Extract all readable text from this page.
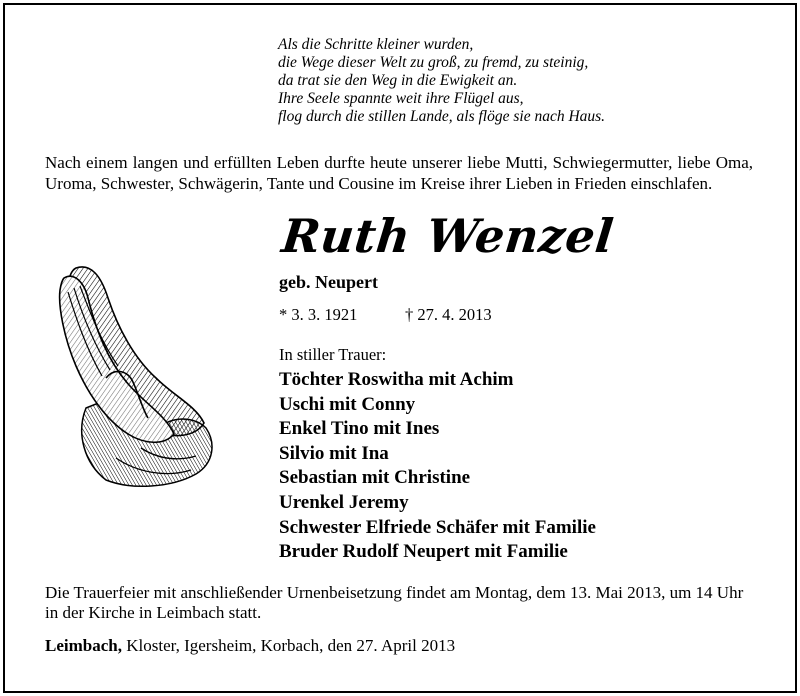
Als die Schritte kleiner wurden,
die Wege dieser Welt zu groß, zu fremd, zu steinig,
da trat sie den Weg in die Ewigkeit an.
Ihre Seele spannte weit ihre Flügel aus,
flog durch die stillen Lande, als flöge sie nach Haus.
Nach einem langen und erfüllten Leben durfte heute unserer liebe Mutti, Schwiegermutter, liebe Oma, Uroma, Schwester, Schwägerin, Tante und Cousine im Kreise ihrer Lieben in Frieden einschlafen.
Ruth Wenzel
geb. Neupert
* 3. 3. 1921	† 27. 4. 2013
In stiller Trauer:
Töchter Roswitha mit Achim
Uschi mit Conny
Enkel Tino mit Ines
Silvio mit Ina
Sebastian mit Christine
Urenkel Jeremy
Schwester Elfriede Schäfer mit Familie
Bruder Rudolf Neupert mit Familie
Die Trauerfeier mit anschließender Urnenbeisetzung findet am Montag, dem 13. Mai 2013, um 14 Uhr in der Kirche in Leimbach statt.
Leimbach, Kloster, Igersheim, Korbach, den 27. April 2013
